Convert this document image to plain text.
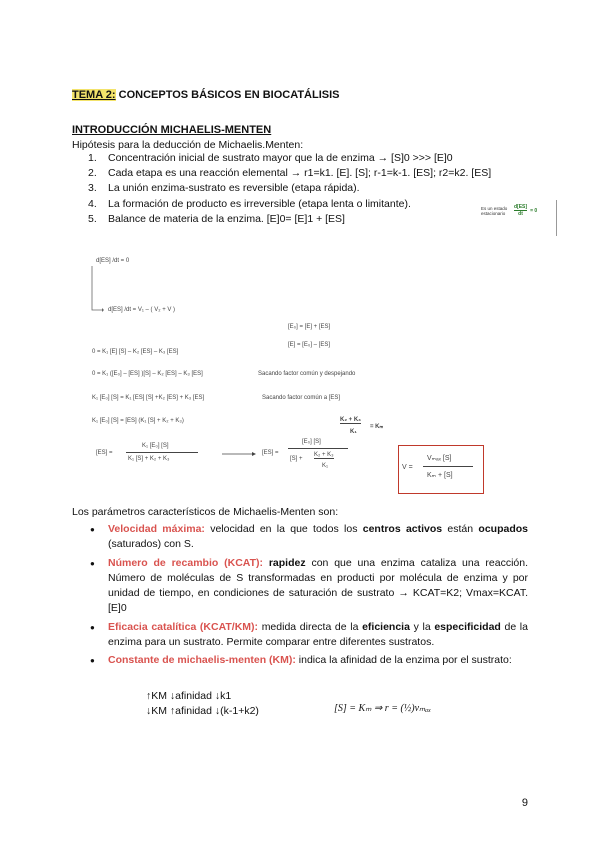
TEMA 2: CONCEPTOS BÁSICOS EN BIOCATÁLISIS
INTRODUCCIÓN MICHAELIS-MENTEN
Hipótesis para la deducción de Michaelis.Menten:
1.	Concentración inicial de sustrato mayor que la de enzima → [S]0 >>> [E]0
2.	Cada etapa es una reacción elemental → r1=k1. [E]. [S]; r-1=k-1. [ES]; r2=k2. [ES]
3.	La unión enzima-sustrato es reversible (etapa rápida).
4.	La formación de producto es irreversible (etapa lenta o limitante).
5.	Balance de materia de la enzima. [E]0= [E]1 + [ES]
Es un estado estacionario	$\frac{d[ES]}{dt} = 0$
d[ES] /dt = 0
d[ES] /dt = V₁ – ( V₂ + V )
[E₀] = [E] + [ES]
[E] = [E₀] – [ES]
0 = K₁ [E] [S] – K₂ [ES] – K₃ [ES]
0 = K₁ ([E₀] – [ES] )[S] – K₂ [ES] – K₃ [ES]	Sacando factor común y despejando
K₁ [E₀] [S] = K₁ [ES] [S] +K₂ [ES] + K₃ [ES]	Sacando factor común a [ES]
K₁ [E₀] [S] = [ES] (K₁ [S] + K₂ + K₃)	K₂ + K₃
K₁
= Kₘ
[ES] =
K₁ [E₀] [S]
K₁ [S] + K₂ + K₃
[ES] =
[E₀] [S]
[S] +
K₂ + K₃
K₁	V =
Vₘₐₓ [S]
Kₘ + [S]
Los parámetros característicos de Michaelis-Menten son:
● Velocidad máxima: velocidad en la que todos los centros activos están ocupados (saturados) con S.
● Número de recambio (KCAT): rapidez con que una enzima cataliza una reacción. Número de moléculas de S transformadas en producti por molécula de enzima y por unidad de tiempo, en condiciones de saturación de sustrato → KCAT=K2; Vmax=KCAT. [E]0
● Eficacia catalítica (KCAT/KM): medida directa de la eficiencia y la especificidad de la enzima para un sustrato. Permite comparar entre diferentes sustratos.
● Constante de michaelis-menten (KM): indica la afinidad de la enzima por el sustrato:
↑KM ↓afinidad ↓k1
↓KM ↑afinidad ↓(k-1+k2)	[S] = Kₘ ⇒ r = (½)vₘₐₓ
9
